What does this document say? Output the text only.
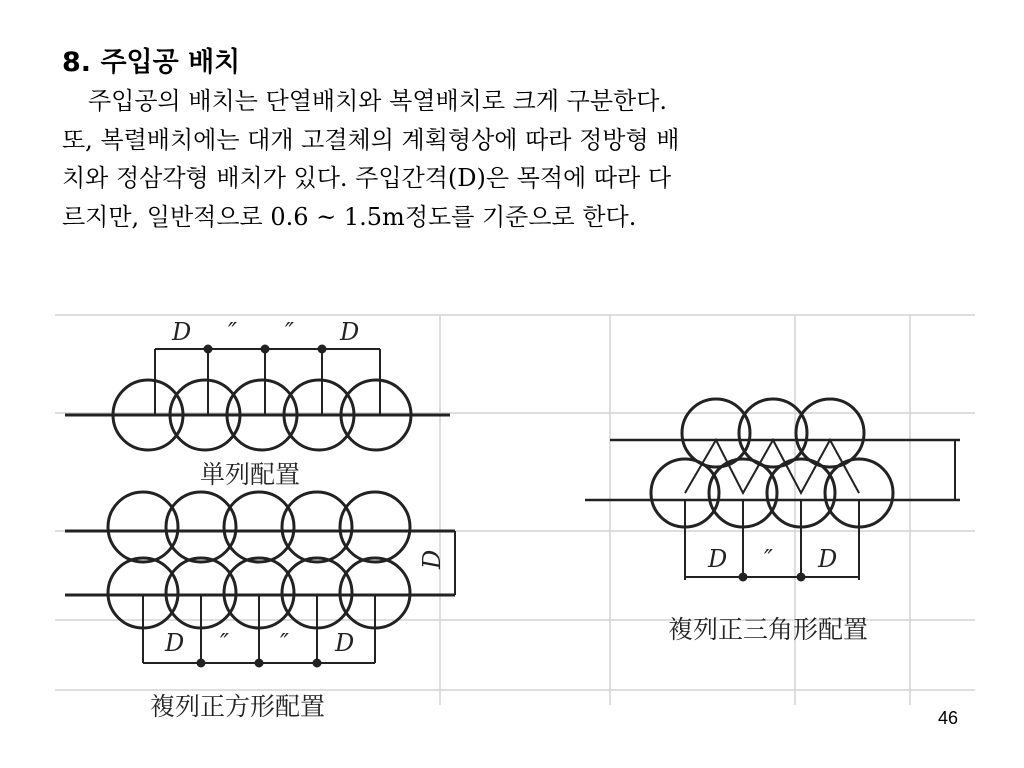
8. 주입공 배치
주입공의 배치는 단열배치와 복열배치로 크게 구분한다.
또, 복렬배치에는 대개 고결체의 계획형상에 따라 정방형 배
치와 정삼각형 배치가 있다. 주입간격(D)은 목적에 따라 다
르지만, 일반적으로 0.6 ~ 1.5m정도를 기준으로 한다.
D ″ ″ D
単列配置
D
D ″ ″ D
複列正方形配置
D ″ D
複列正三角形配置
46
